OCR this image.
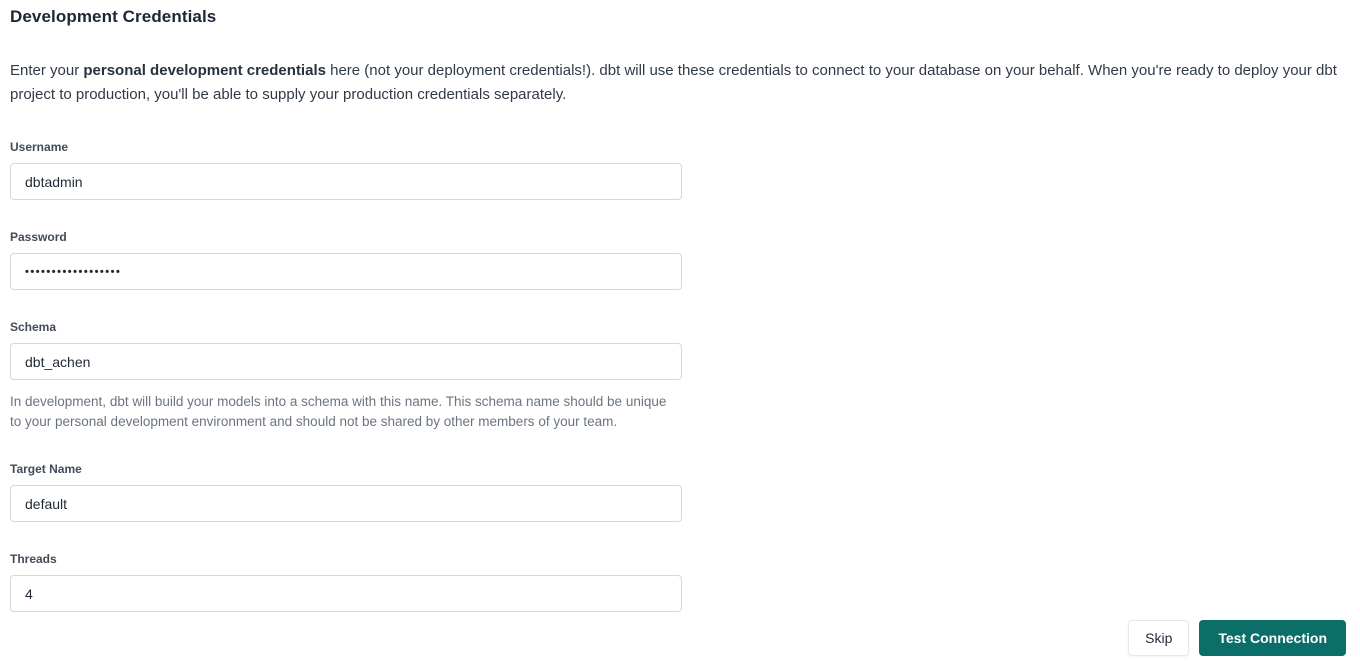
Development Credentials

Enter your personal development credentials here (not your deployment credentials!). dbt will use these credentials to connect to your database on your behalf. When you're ready to deploy your dbt project to production, you'll be able to supply your production credentials separately.

Username
dbtadmin
Password
••••••••••••••••••
Schema
dbt_achen

In development, dbt will build your models into a schema with this name. This schema name should be unique to your personal development environment and should not be shared by other members of your team.

Target Name
default
Threads
4
Skip	Test Connection
